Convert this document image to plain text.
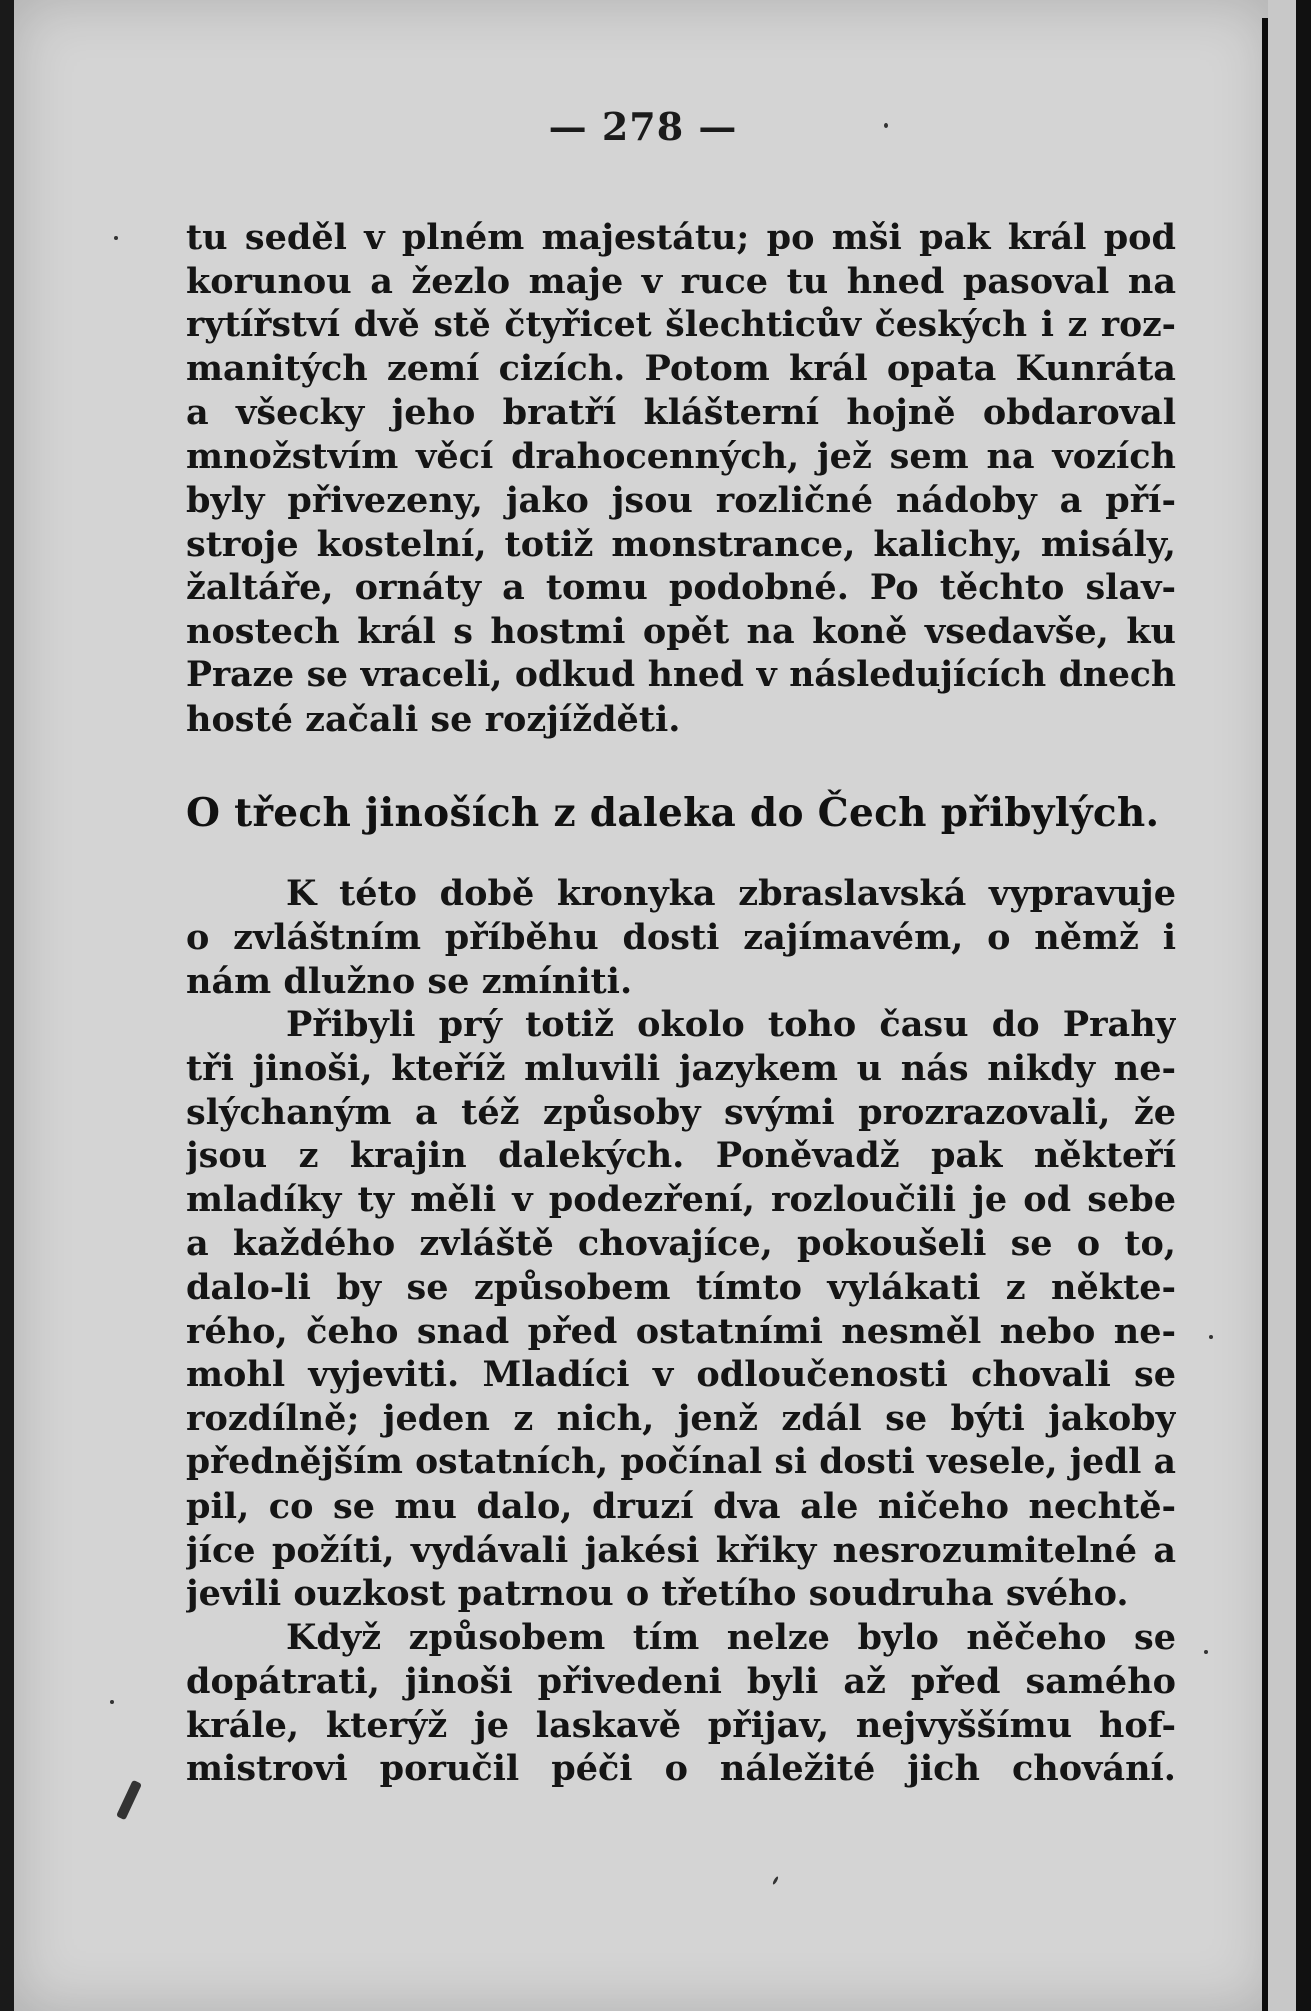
— 278 —
tu seděl v plném majestátu; po mši pak král pod
korunou a žezlo maje v ruce tu hned pasoval na
rytířství dvě stě čtyřicet šlechticův českých i z roz-
manitých zemí cizích. Potom král opata Kunráta
a všecky jeho bratří klášterní hojně obdaroval
množstvím věcí drahocenných, jež sem na vozích
byly přivezeny, jako jsou rozličné nádoby a pří-
stroje kostelní, totiž monstrance, kalichy, misály,
žaltáře, ornáty a tomu podobné. Po těchto slav-
nostech král s hostmi opět na koně vsedavše, ku
Praze se vraceli, odkud hned v následujících dnech
hosté začali se rozjížděti.
O třech jinoších z daleka do Čech přibylých.
K této době kronyka zbraslavská vypravuje
o zvláštním příběhu dosti zajímavém, o němž i
nám dlužno se zmíniti.
Přibyli prý totiž okolo toho času do Prahy
tři jinoši, kteříž mluvili jazykem u nás nikdy ne-
slýchaným a též způsoby svými prozrazovali, že
jsou z krajin dalekých. Poněvadž pak někteří
mladíky ty měli v podezření, rozloučili je od sebe
a každého zvláště chovajíce, pokoušeli se o to,
dalo-li by se způsobem tímto vylákati z někte-
rého, čeho snad před ostatními nesměl nebo ne-
mohl vyjeviti. Mladíci v odloučenosti chovali se
rozdílně; jeden z nich, jenž zdál se býti jakoby
přednějším ostatních, počínal si dosti vesele, jedl a
pil, co se mu dalo, druzí dva ale ničeho nechtě-
jíce požíti, vydávali jakési křiky nesrozumitelné a
jevili ouzkost patrnou o třetího soudruha svého.
Když způsobem tím nelze bylo něčeho se
dopátrati, jinoši přivedeni byli až před samého
krále, kterýž je laskavě přijav, nejvyššímu hof-
mistrovi poručil péči o náležité jich chování.
